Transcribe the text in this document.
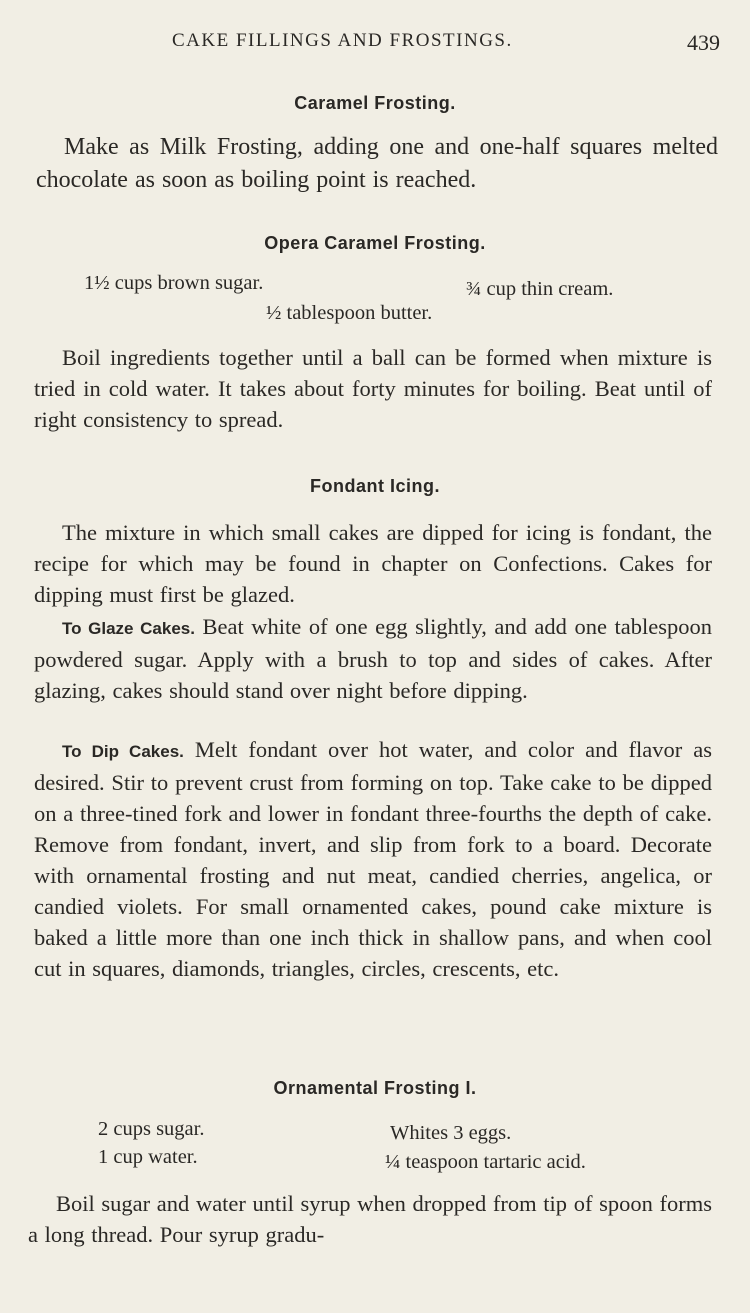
CAKE FILLINGS AND FROSTINGS.	439
Caramel Frosting.
Make as Milk Frosting, adding one and one-half squares melted chocolate as soon as boiling point is reached.
Opera Caramel Frosting.
1½ cups brown sugar.	¾ cup thin cream.
½ tablespoon butter.
Boil ingredients together until a ball can be formed when mixture is tried in cold water. It takes about forty minutes for boiling. Beat until of right consistency to spread.
Fondant Icing.
The mixture in which small cakes are dipped for icing is fondant, the recipe for which may be found in chapter on Confections. Cakes for dipping must first be glazed.
To Glaze Cakes. Beat white of one egg slightly, and add one tablespoon powdered sugar. Apply with a brush to top and sides of cakes. After glazing, cakes should stand over night before dipping.
To Dip Cakes. Melt fondant over hot water, and color and flavor as desired. Stir to prevent crust from forming on top. Take cake to be dipped on a three-tined fork and lower in fondant three-fourths the depth of cake. Remove from fondant, invert, and slip from fork to a board. Decorate with ornamental frosting and nut meat, candied cherries, angelica, or candied violets. For small ornamented cakes, pound cake mixture is baked a little more than one inch thick in shallow pans, and when cool cut in squares, diamonds, triangles, circles, crescents, etc.
Ornamental Frosting I.
2 cups sugar.	Whites 3 eggs.
1 cup water.	¼ teaspoon tartaric acid.
Boil sugar and water until syrup when dropped from tip of spoon forms a long thread. Pour syrup gradu-
